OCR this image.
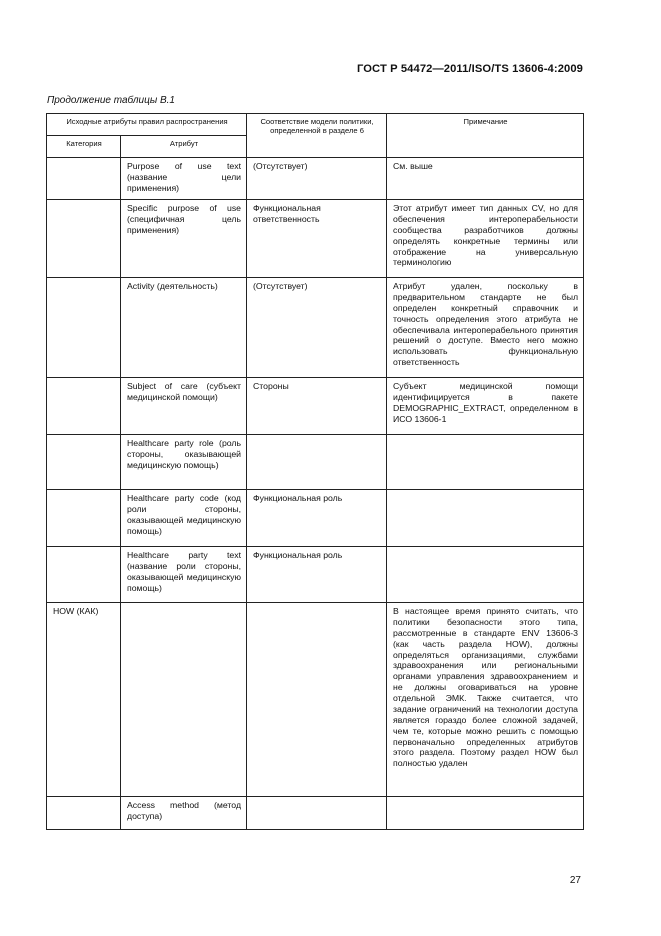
ГОСТ Р 54472—2011/ISO/TS 13606-4:2009
Продолжение таблицы B.1
Исходные атрибуты правил распространения		Соответствие модели политики, определенной в разделе 6	Примечание
Категория	Атрибут		
	Purpose of use text (название цели применения)	(Отсутствует)	См. выше
	Specific purpose of use (специфичная цель применения)	Функциональная ответственность	Этот атрибут имеет тип данных CV, но для обеспечения интероперабельности сообщества разработчиков должны определять конкретные термины или отображение на универсальную терминологию
	Activity (деятельность)	(Отсутствует)	Атрибут удален, поскольку в предварительном стандарте не был определен конкретный справочник и точность определения этого атрибута не обеспечивала интероперабельного принятия решений о доступе. Вместо него можно использовать функциональную ответственность
	Subject of care (субъект медицинской помощи)	Стороны	Субъект медицинской помощи идентифицируется в пакете DEMOGRAPHIC_EXTRACT, определенном в ИСО 13606-1
	Healthcare party role (роль стороны, оказывающей медицинскую помощь)		
	Healthcare party code (код роли стороны, оказывающей медицинскую помощь)	Функциональная роль	
	Healthcare party text (название роли стороны, оказывающей медицинскую помощь)	Функциональная роль	
HOW (КАК)			В настоящее время принято считать, что политики безопасности этого типа, рассмотренные в стандарте ENV 13606-3 (как часть раздела HOW), должны определяться организациями, службами здравоохранения или региональными органами управления здравоохранением и не должны оговариваться на уровне отдельной ЭМК. Также считается, что задание ограничений на технологии доступа является гораздо более сложной задачей, чем те, которые можно решить с помощью первоначально определенных атрибутов этого раздела. Поэтому раздел HOW был полностью удален
	Access method (метод доступа)		
27
